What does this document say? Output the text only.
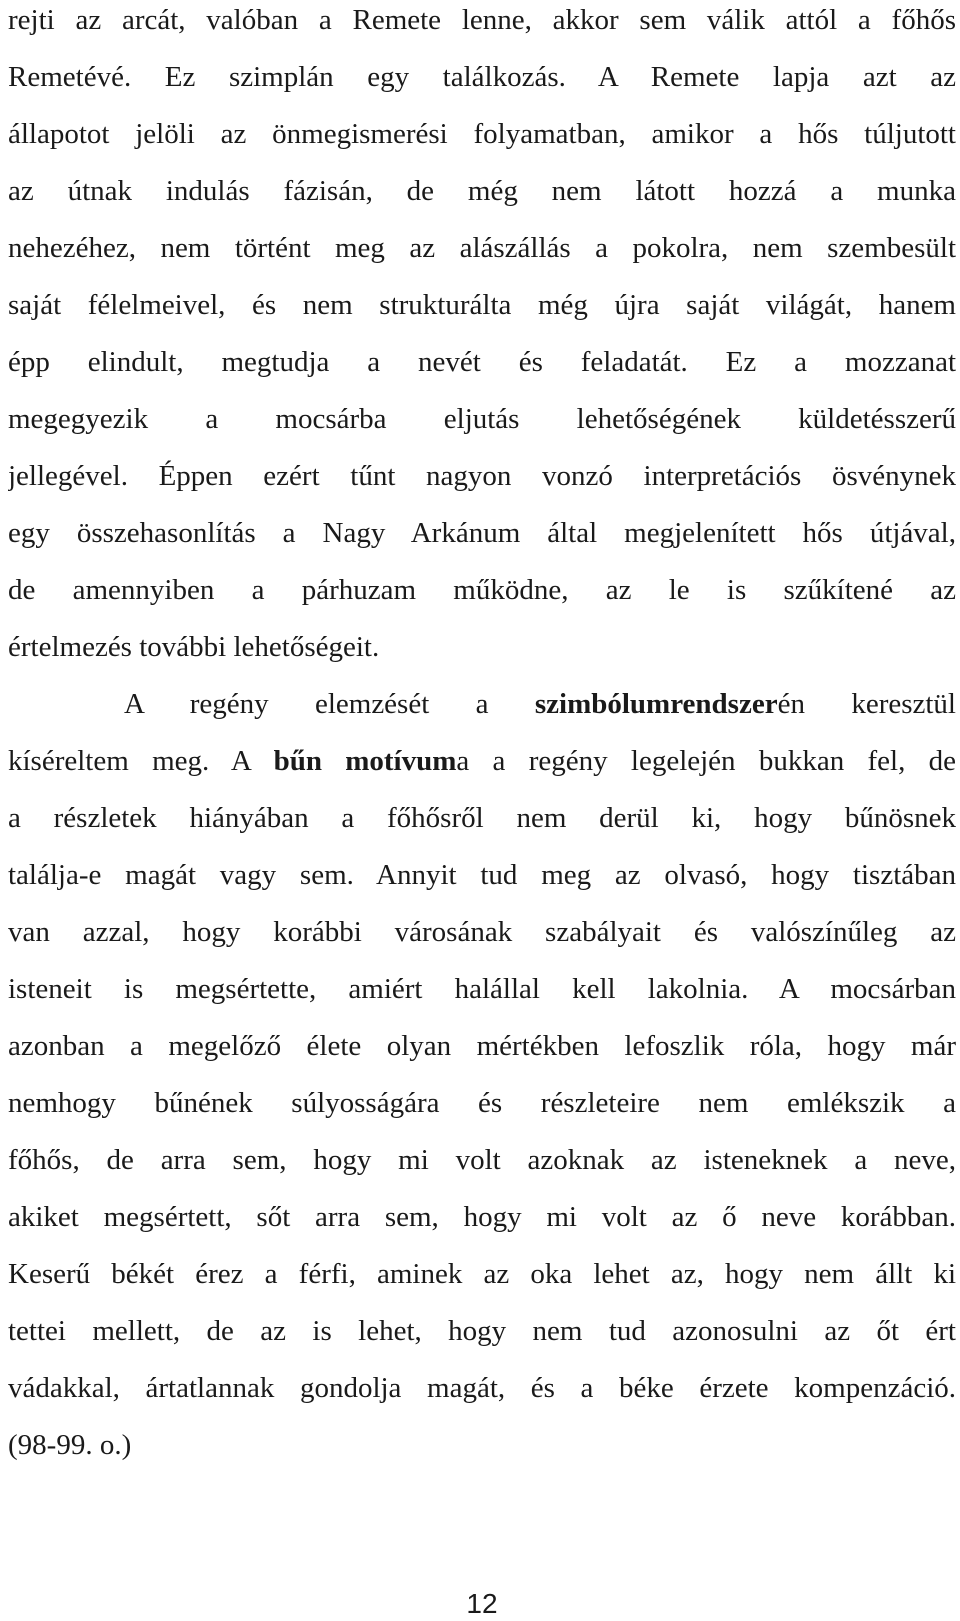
rejti az arcát, valóban a Remete lenne, akkor sem válik attól a főhős
Remetévé. Ez szimplán egy találkozás. A Remete lapja azt az
állapotot jelöli az önmegismerési folyamatban, amikor a hős túljutott
az útnak indulás fázisán, de még nem látott hozzá a munka
nehezéhez, nem történt meg az alászállás a pokolra, nem szembesült
saját félelmeivel, és nem strukturálta még újra saját világát, hanem
épp elindult, megtudja a nevét és feladatát. Ez a mozzanat
megegyezik a mocsárba eljutás lehetőségének küldetésszerű
jellegével. Éppen ezért tűnt nagyon vonzó interpretációs ösvénynek
egy összehasonlítás a Nagy Arkánum által megjelenített hős útjával,
de amennyiben a párhuzam működne, az le is szűkítené az
értelmezés további lehetőségeit.
A regény elemzését a szimbólumrendszerén keresztül
kíséreltem meg. A bűn motívuma a regény legelején bukkan fel, de
a részletek hiányában a főhősről nem derül ki, hogy bűnösnek
találja-e magát vagy sem. Annyit tud meg az olvasó, hogy tisztában
van azzal, hogy korábbi városának szabályait és valószínűleg az
isteneit is megsértette, amiért halállal kell lakolnia. A mocsárban
azonban a megelőző élete olyan mértékben lefoszlik róla, hogy már
nemhogy bűnének súlyosságára és részleteire nem emlékszik a
főhős, de arra sem, hogy mi volt azoknak az isteneknek a neve,
akiket megsértett, sőt arra sem, hogy mi volt az ő neve korábban.
Keserű békét érez a férfi, aminek az oka lehet az, hogy nem állt ki
tettei mellett, de az is lehet, hogy nem tud azonosulni az őt ért
vádakkal, ártatlannak gondolja magát, és a béke érzete kompenzáció.
(98-99. o.)
12
